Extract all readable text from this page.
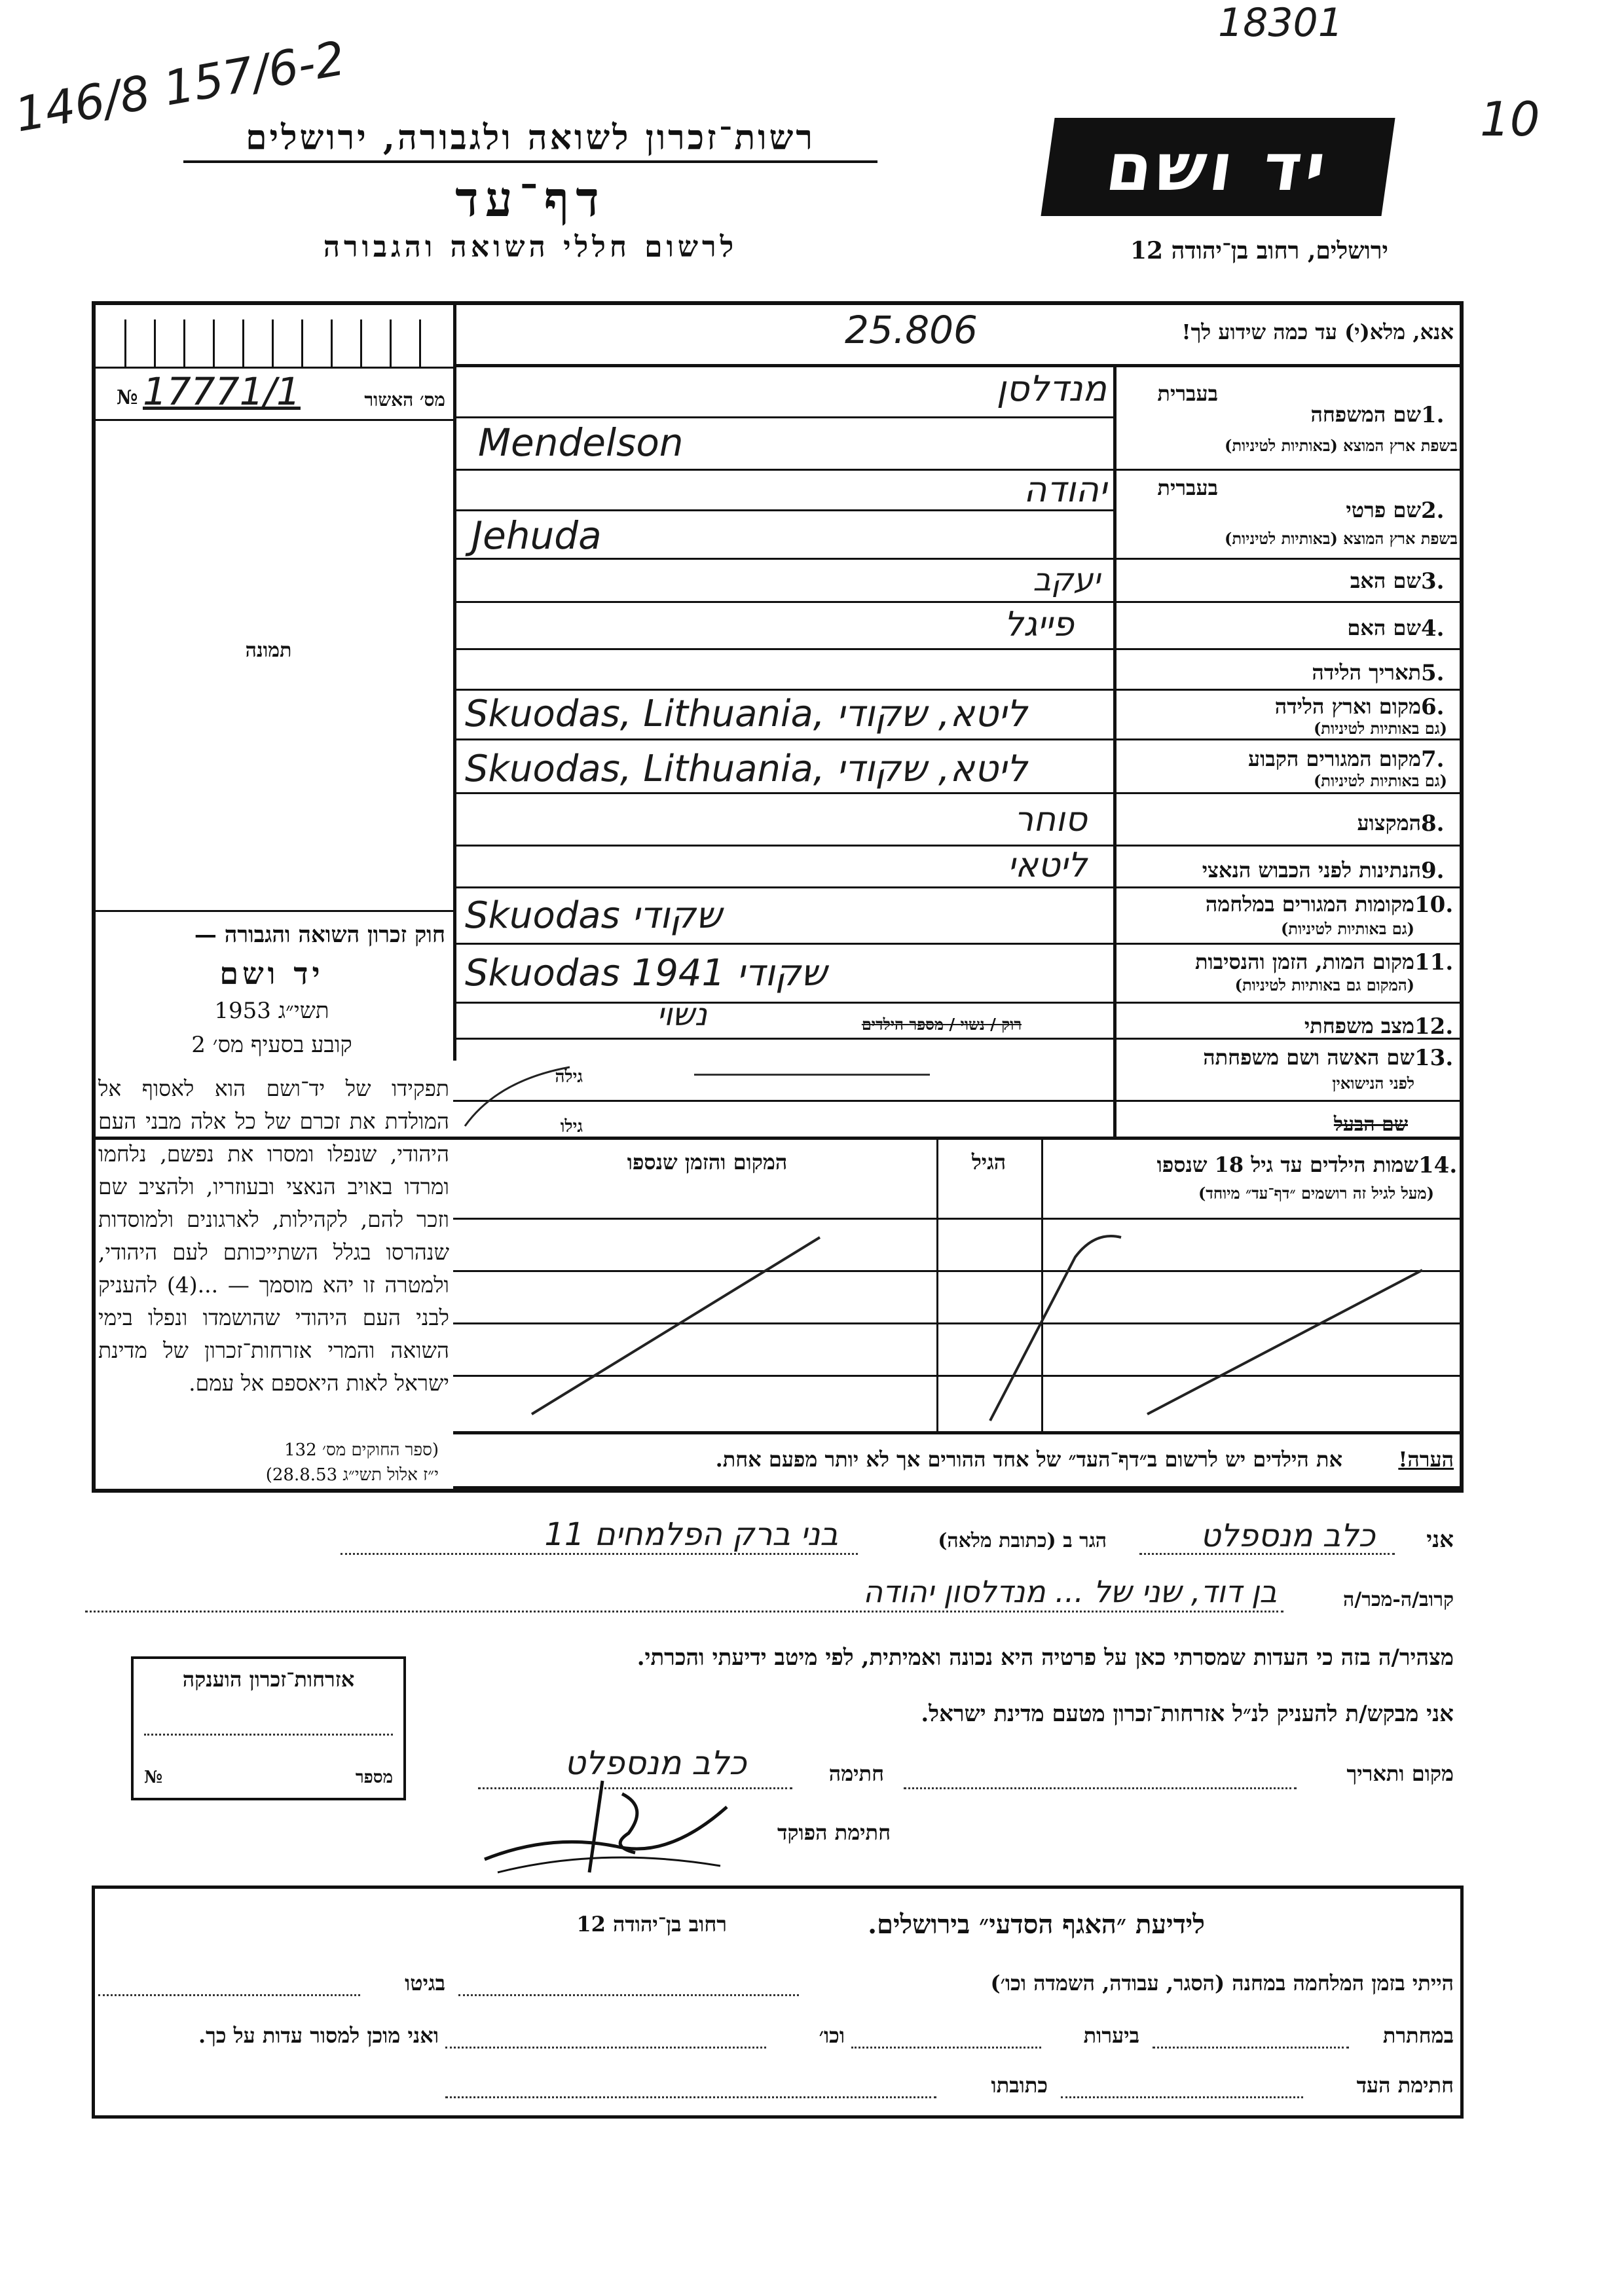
18301
10
146/8 157/6-2
רשות־זכרון לשואה ולגבורה, ירושלים
דף־עד
לרשום חללי השואה והגבורה
יד ושם
ירושלים, רחוב בן־יהודה 12
№ 17771/1	מס׳ האשור
תמונה
חוק זכרון השואה והגבורה —
יד ושם
תשי״ג 1953
קובע בסעיף מס׳ 2
תפקידו של יד־ושם הוא לאסוף אל המולדת את זכרם של כל אלה מבני העם היהודי, שנפלו ומסרו את נפשם, נלחמו ומרדו באויב הנאצי ובעוזריו, ולהציב שם וזכר להם, לקהילות, לארגונים ולמוסדות שנהרסו בגלל השתייכותם לעם היהודי, ולמטרה זו יהא מוסמך — ...(4) להעניק לבני העם היהודי שהושמדו ונפלו בימי השואה והמרי אזרחות־זכרון של מדינת ישראל לאות היאספם אל עמם.
(ספר החוקים מס׳ 132
י״ז אלול תשי״ג 28.8.53)
אנא, מלא(י) עד כמה שידוע לך!
25.806
1.
שם המשפחה
בשפת ארץ המוצא (באותיות לטיניות)
בעברית
מנדלסן
Mendelson
2.
שם פרטי
בשפת ארץ המוצא (באותיות לטיניות)
בעברית
יהודה
Jehuda
3.
שם האב
יעקב
4.
שם האם
פייגל
5.
תאריך הלידה
6.
מקום וארץ הלידה
(גם באותיות לטיניות)
Skuodas, Lithuania, ליטא, שקודי
7.
מקום המגורים הקבוע
(גם באותיות לטיניות)
Skuodas, Lithuania, ליטא, שקודי
8.
המקצוע
סוחר
9.
הנתינות לפני הכבוש הנאצי
ליטאי
10.
מקומות המגורים במלחמה
(גם באותיות לטיניות)
Skuodas שקודי
11.
מקום המות, הזמן והנסיבות
(המקום גם באותיות לטיניות)
Skuodas 1941 שקודי
12.
מצב משפחתי
רוק / נשוי / מספר הילדים
נשוי
13.
שם האשה ושם משפחתה
לפני הנישואין
גילה
שם הבעל
גילו
14.
שמות הילדים עד גיל 18 שנספו
(מעל לגיל זה רושמים ״דף־עד״ מיוחד)
הגיל
המקום והזמן שנספו
הערה!
את הילדים יש לרשום ב״דף־העד״ של אחד ההורים אך לא יותר מפעם אחת.
אני
כלב מנספלט
הגר ב (כתובת מלאה)
בני ברק הפלמחים 11
קרוב/ה-מכר/ה
בן דוד, שני של ... מנדלסון יהודה
מצהיר/ה בזה כי העדות שמסרתי כאן על פרטיה היא נכונה ואמיתית, לפי מיטב ידיעתי והכרתי.
אני מבקש/ת להעניק לנ״ל אזרחות־זכרון מטעם מדינת ישראל.
מקום ותאריך
חתימה
כלב מנספלט
חתימת הפוקד
אזרחות־זכרון הוענקה
№	מספר
לידיעת ״האגף הסדעי״ בירושלים.
רחוב בן־יהודה 12
הייתי בזמן המלחמה במחנה (הסגר, עבודה, השמדה וכו׳)
בגיטו
במחתרת
ביערות
וכו׳
ואני מוכן למסור עדות על כך.
חתימת העד
כתובתו
